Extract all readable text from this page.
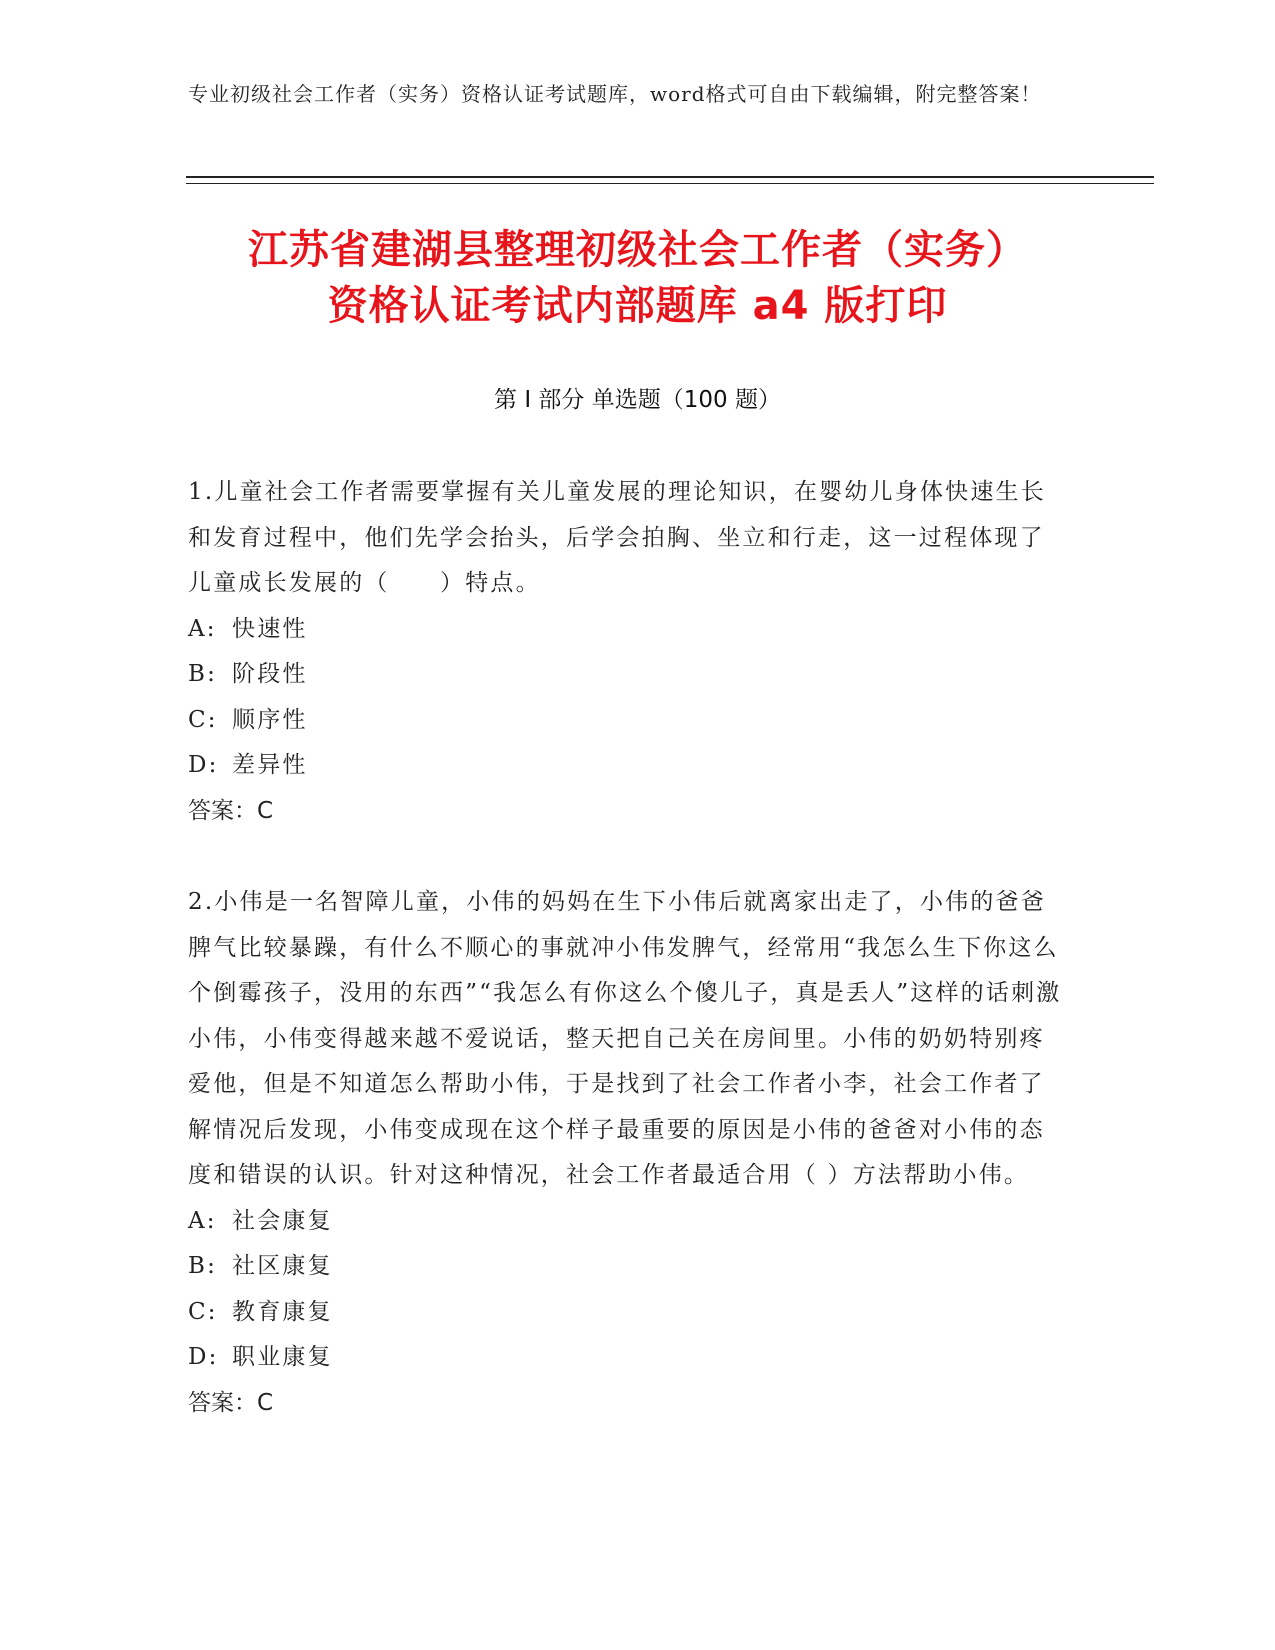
专业初级社会工作者（实务）资格认证考试题库，word格式可自由下载编辑，附完整答案！
江苏省建湖县整理初级社会工作者（实务）
资格认证考试内部题库 a4 版打印
第 I 部分 单选题（100 题）

1.儿童社会工作者需要掌握有关儿童发展的理论知识，在婴幼儿身体快速生长和发育过程中，他们先学会抬头，后学会拍胸、坐立和行走，这一过程体现了儿童成长发展的（　　）特点。

A: 快速性

B: 阶段性

C: 顺序性

D: 差异性

答案：C

2.小伟是一名智障儿童，小伟的妈妈在生下小伟后就离家出走了，小伟的爸爸脾气比较暴躁，有什么不顺心的事就冲小伟发脾气，经常用“我怎么生下你这么个倒霉孩子，没用的东西”“我怎么有你这么个傻儿子，真是丢人”这样的话刺激小伟，小伟变得越来越不爱说话，整天把自己关在房间里。小伟的奶奶特别疼爱他，但是不知道怎么帮助小伟，于是找到了社会工作者小李，社会工作者了解情况后发现，小伟变成现在这个样子最重要的原因是小伟的爸爸对小伟的态度和错误的认识。针对这种情况，社会工作者最适合用（ ）方法帮助小伟。

A: 社会康复

B: 社区康复

C: 教育康复

D: 职业康复

答案：C
